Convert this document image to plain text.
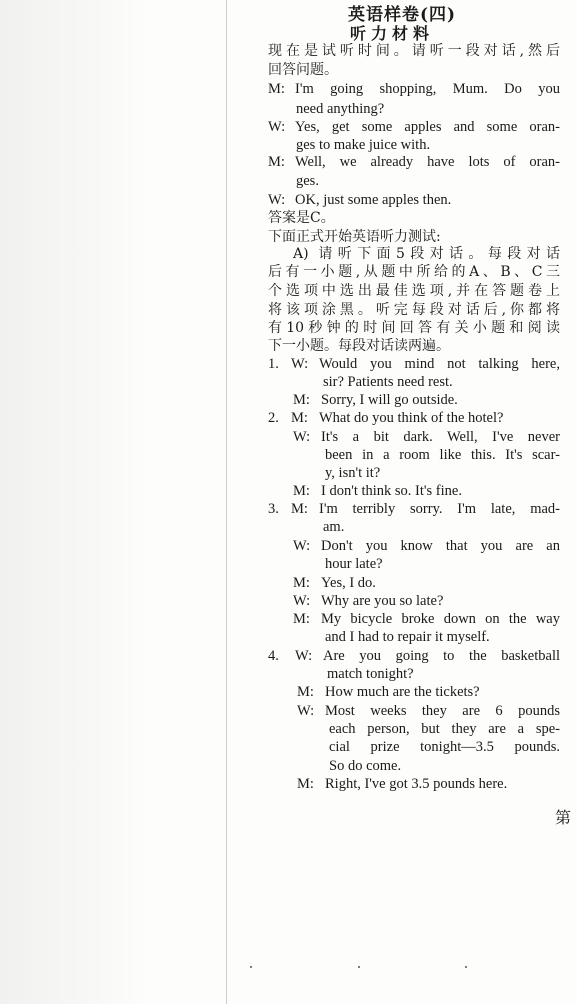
英语样卷(四)
听力材料
现在是试听时间。请听一段对话,然后
回答问题。
M: I'm going shopping, Mum. Do you
need anything?
W: Yes, get some apples and some oran-
ges to make juice with.
M: Well, we already have lots of oran-
ges.
W: OK, just some apples then.
答案是C。
下面正式开始英语听力测试:
A) 请听下面5段对话。每段对话
后有一小题,从题中所给的A、B、C三
个选项中选出最佳选项,并在答题卷上
将该项涂黑。听完每段对话后,你都将
有10秒钟的时间回答有关小题和阅读
下一小题。每段对话读两遍。
1. W: Would you mind not talking here,
sir? Patients need rest.
M: Sorry, I will go outside.
2. M: What do you think of the hotel?
W: It's a bit dark. Well, I've never
been in a room like this. It's scar-
y, isn't it?
M: I don't think so. It's fine.
3. M: I'm terribly sorry. I'm late, mad-
am.
W: Don't you know that you are an
hour late?
M: Yes, I do.
W: Why are you so late?
M: My bicycle broke down on the way
and I had to repair it myself.
4. W: Are you going to the basketball
match tonight?
M: How much are the tickets?
W: Most weeks they are 6 pounds
each person, but they are a spe-
cial prize tonight—3.5 pounds.
So do come.
M: Right, I've got 3.5 pounds here.
第
